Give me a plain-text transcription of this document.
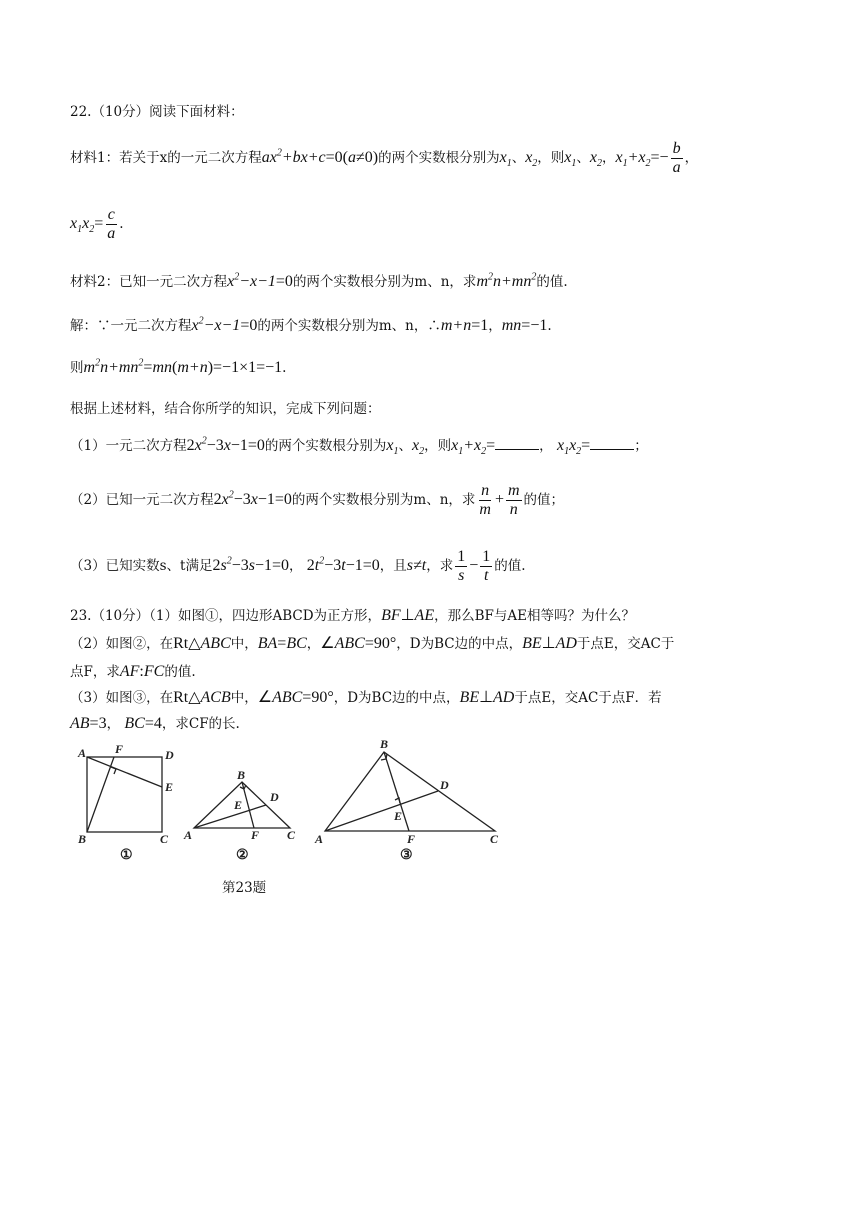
22.（10分）阅读下面材料：
材料1：若关于x的一元二次方程$ax^2+bx+c=0(a\ne 0)$的两个实数根分别为$x_1$、$x_2$，则$x_1$、$x_2$，$x_1+x_2=- \frac{b}{a}$ ，
$x_1x_2= \frac{c}{a}$ .
材料2：已知一元二次方程$x^2-x-1=0$的两个实数根分别为m、n，求$m^2n+mn^2$的值.
解：∵一元二次方程$x^2-x-1=0$的两个实数根分别为m、n，∴m+n=1，mn=−1.
则$m^2n+mn^2=mn(m+n)=-1\times 1=-1$.
根据上述材料，结合你所学的知识，完成下列问题：
（1）一元二次方程$2x^2-3x-1=0$的两个实数根分别为$x_1$、$x_2$，则$x_1+x_2=$	， $x_1x_2=$	；
（2）已知一元二次方程$2x^2-3x-1=0$的两个实数根分别为m、n，求 $\frac{n}{m} + \frac{m}{n}$ 的值；
（3）已知实数s、t满足$2s^2-3s-1=0$， $2t^2-3t-1=0$，且s≠t，求 $\frac{1}{s} - \frac{1}{t}$ 的值.
23.（10分）（1）如图①，四边形ABCD为正方形，BF⊥AE，那么BF与AE相等吗？为什么？
（2）如图②，在Rt△ABC中，BA=BC，∠ABC=90°，D为BC边的中点，BE⊥AD于点E，交AC于
点F，求AF:FC的值.
（3）如图③，在Rt△ACB中，∠ABC=90°，D为BC边的中点，BE⊥AD于点E，交AC于点F．若
AB=3， BC=4，求CF的长.
A F	D
E
B	C
①
B
E
D
A	F C
②
B
D
E
A	F	C
③
第23题
